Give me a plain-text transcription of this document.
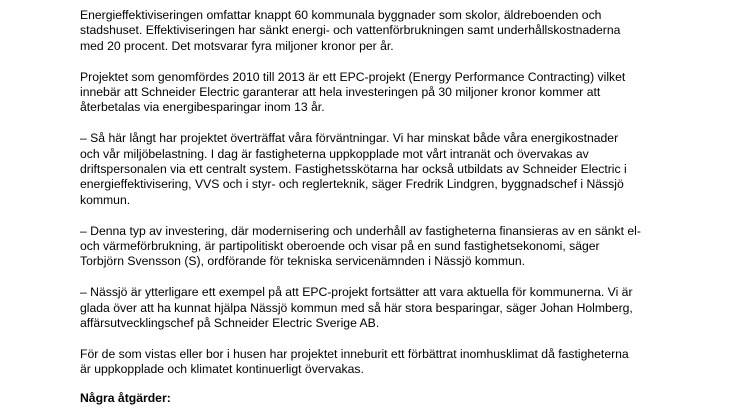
Energieffektiviseringen omfattar knappt 60 kommunala byggnader som skolor, äldreboenden och
stadshuset. Effektiviseringen har sänkt energi- och vattenförbrukningen samt underhållskostnaderna
med 20 procent. Det motsvarar fyra miljoner kronor per år.

Projektet som genomfördes 2010 till 2013 är ett EPC-projekt (Energy Performance Contracting) vilket
innebär att Schneider Electric garanterar att hela investeringen på 30 miljoner kronor kommer att
återbetalas via energibesparingar inom 13 år.

– Så här långt har projektet överträffat våra förväntningar. Vi har minskat både våra energikostnader
och vår miljöbelastning. I dag är fastigheterna uppkopplade mot vårt intranät och övervakas av
driftspersonalen via ett centralt system. Fastighetsskötarna har också utbildats av Schneider Electric i
energieffektivisering, VVS och i styr- och reglerteknik, säger Fredrik Lindgren, byggnadschef i Nässjö
kommun.

– Denna typ av investering, där modernisering och underhåll av fastigheterna finansieras av en sänkt el-
och värmeförbrukning, är partipolitiskt oberoende och visar på en sund fastighetsekonomi, säger
Torbjörn Svensson (S), ordförande för tekniska servicenämnden i Nässjö kommun.

– Nässjö är ytterligare ett exempel på att EPC-projekt fortsätter att vara aktuella för kommunerna. Vi är
glada över att ha kunnat hjälpa Nässjö kommun med så här stora besparingar, säger Johan Holmberg,
affärsutvecklingschef på Schneider Electric Sverige AB.

För de som vistas eller bor i husen har projektet inneburit ett förbättrat inomhusklimat då fastigheterna
är uppkopplade och klimatet kontinuerligt övervakas.

Några åtgärder:
